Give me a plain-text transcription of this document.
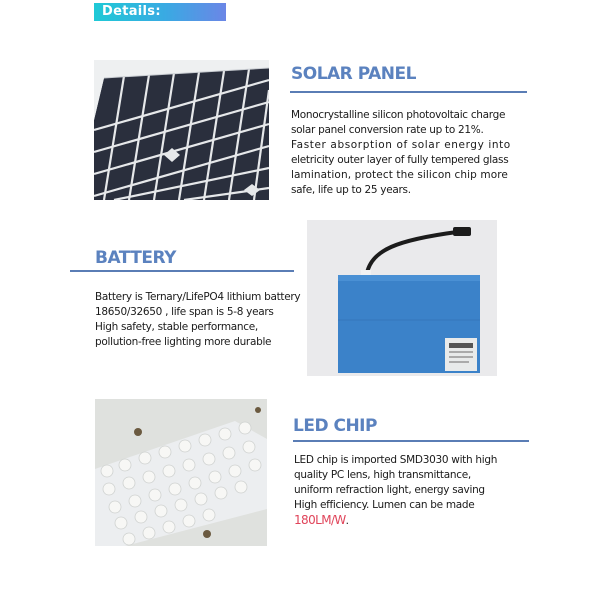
Details:
SOLAR PANEL

Monocrystalline silicon photovoltaic charge

solar panel conversion rate up to 21%.

Faster absorption of solar energy into

eletricity outer layer of fully tempered glass

lamination, protect the silicon chip more

safe, life up to 25 years.

BATTERY

Battery is Ternary/LifePO4 lithium battery

18650/32650 , life span is 5-8 years

High safety, stable performance,

pollution-free lighting more durable

LED CHIP

LED chip is imported SMD3030 with high

quality PC lens, high transmittance,

uniform refraction light, energy saving

High efficiency. Lumen can be made

180LM/W.
